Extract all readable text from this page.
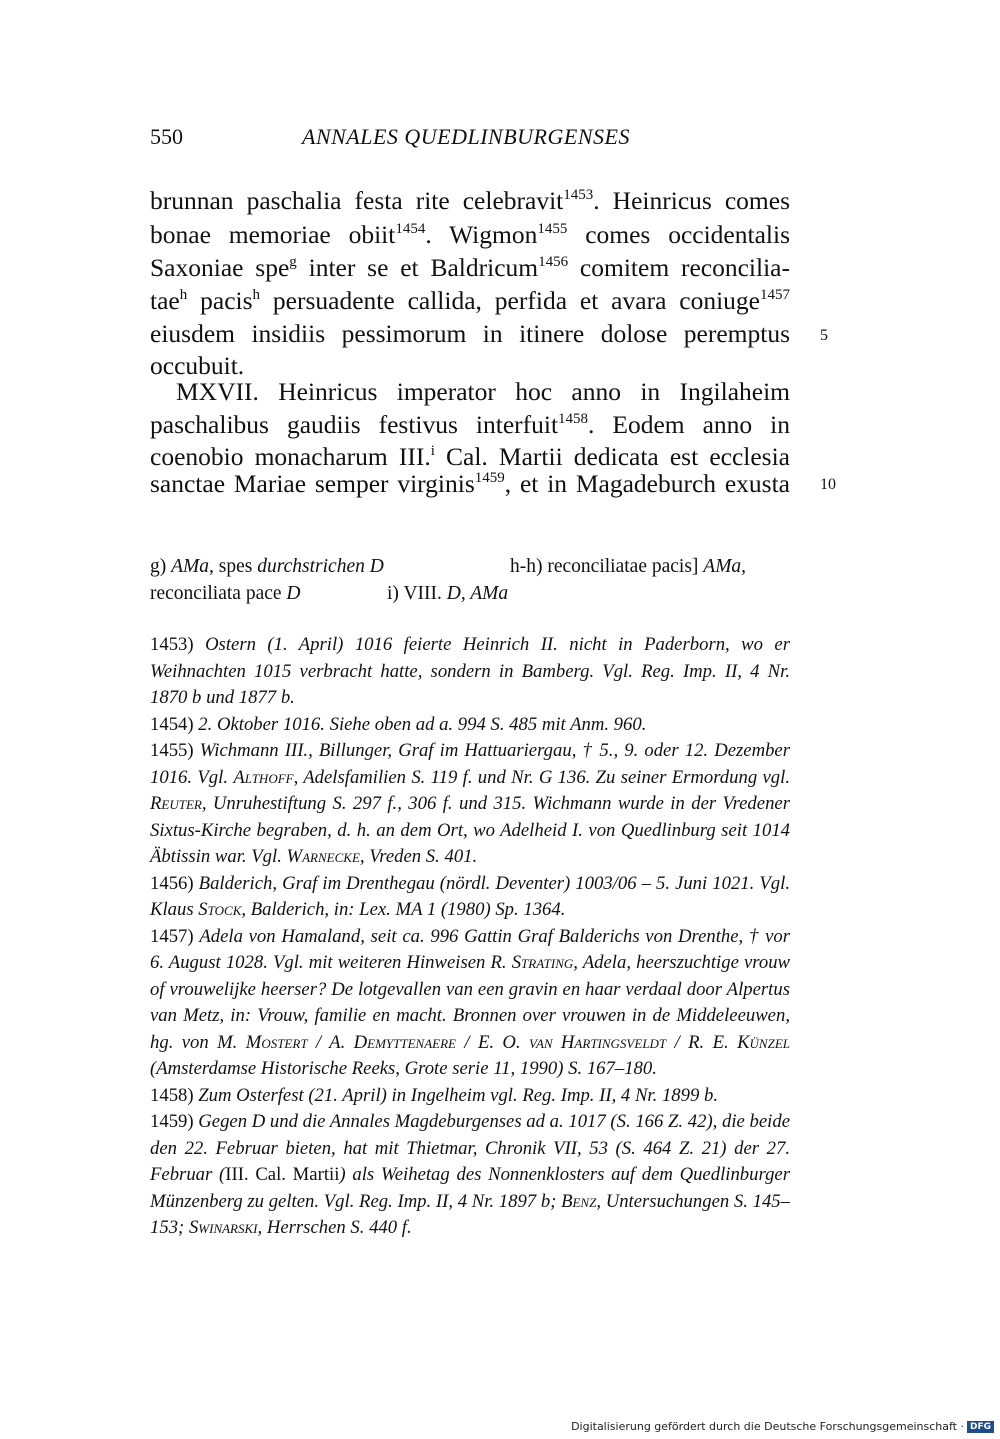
550	ANNALES QUEDLINBURGENSES
brunnan paschalia festa rite celebravit$^{1453}$. Heinricus comes
bonae memoriae obiit$^{1454}$. Wigmon$^{1455}$ comes occidentalis
Saxoniae spe$^g$ inter se et Baldricum$^{1456}$ comitem reconcilia-
tae$^h$ pacis$^h$ persuadente callida, perfida et avara coniuge$^{1457}$
eiusdem insidiis pessimorum in itinere dolose peremptus
occubuit.
MXVII. Heinricus imperator hoc anno in Ingilaheim
paschalibus gaudiis festivus interfuit$^{1458}$. Eodem anno in
coenobio monacharum III.$^i$ Cal. Martii dedicata est ecclesia
sanctae Mariae semper virginis$^{1459}$, et in Magadeburch exusta
5
10
g) AMa, spes durchstrichen D	h-h) reconciliatae pacis] AMa,
reconciliata pace D	i) VIII. D, AMa
1453) Ostern (1. April) 1016 feierte Heinrich II. nicht in Paderborn, wo er Weihnachten 1015 verbracht hatte, sondern in Bamberg. Vgl. Reg. Imp. II, 4 Nr. 1870 b und 1877 b.
1454) 2. Oktober 1016. Siehe oben ad a. 994 S. 485 mit Anm. 960.
1455) Wichmann III., Billunger, Graf im Hattuariergau, † 5., 9. oder 12. Dezember 1016. Vgl. Althoff, Adelsfamilien S. 119 f. und Nr. G 136. Zu seiner Ermordung vgl. Reuter, Unruhestiftung S. 297 f., 306 f. und 315. Wichmann wurde in der Vredener Sixtus-Kirche begraben, d. h. an dem Ort, wo Adelheid I. von Quedlinburg seit 1014 Äbtissin war. Vgl. Warnecke, Vreden S. 401.
1456) Balderich, Graf im Drenthegau (nördl. Deventer) 1003/06 – 5. Juni 1021. Vgl. Klaus Stock, Balderich, in: Lex. MA 1 (1980) Sp. 1364.
1457) Adela von Hamaland, seit ca. 996 Gattin Graf Balderichs von Drenthe, † vor 6. August 1028. Vgl. mit weiteren Hinweisen R. Strating, Adela, heerszuchtige vrouw of vrouwelijke heerser? De lotgevallen van een gravin en haar verdaal door Alpertus van Metz, in: Vrouw, familie en macht. Bronnen over vrouwen in de Middeleeuwen, hg. von M. Mostert / A. Demyttenaere / E. O. van Hartingsveldt / R. E. Künzel (Amsterdamse Historische Reeks, Grote serie 11, 1990) S. 167–180.
1458) Zum Osterfest (21. April) in Ingelheim vgl. Reg. Imp. II, 4 Nr. 1899 b.
1459) Gegen D und die Annales Magdeburgenses ad a. 1017 (S. 166 Z. 42), die beide den 22. Februar bieten, hat mit Thietmar, Chronik VII, 53 (S. 464 Z. 21) der 27. Februar (III. Cal. Martii) als Weihetag des Nonnenklosters auf dem Quedlinburger Münzenberg zu gelten. Vgl. Reg. Imp. II, 4 Nr. 1897 b; Benz, Untersuchungen S. 145–153; Swinarski, Herrschen S. 440 f.
Digitalisierung gefördert durch die Deutsche Forschungsgemeinschaft · DFG
